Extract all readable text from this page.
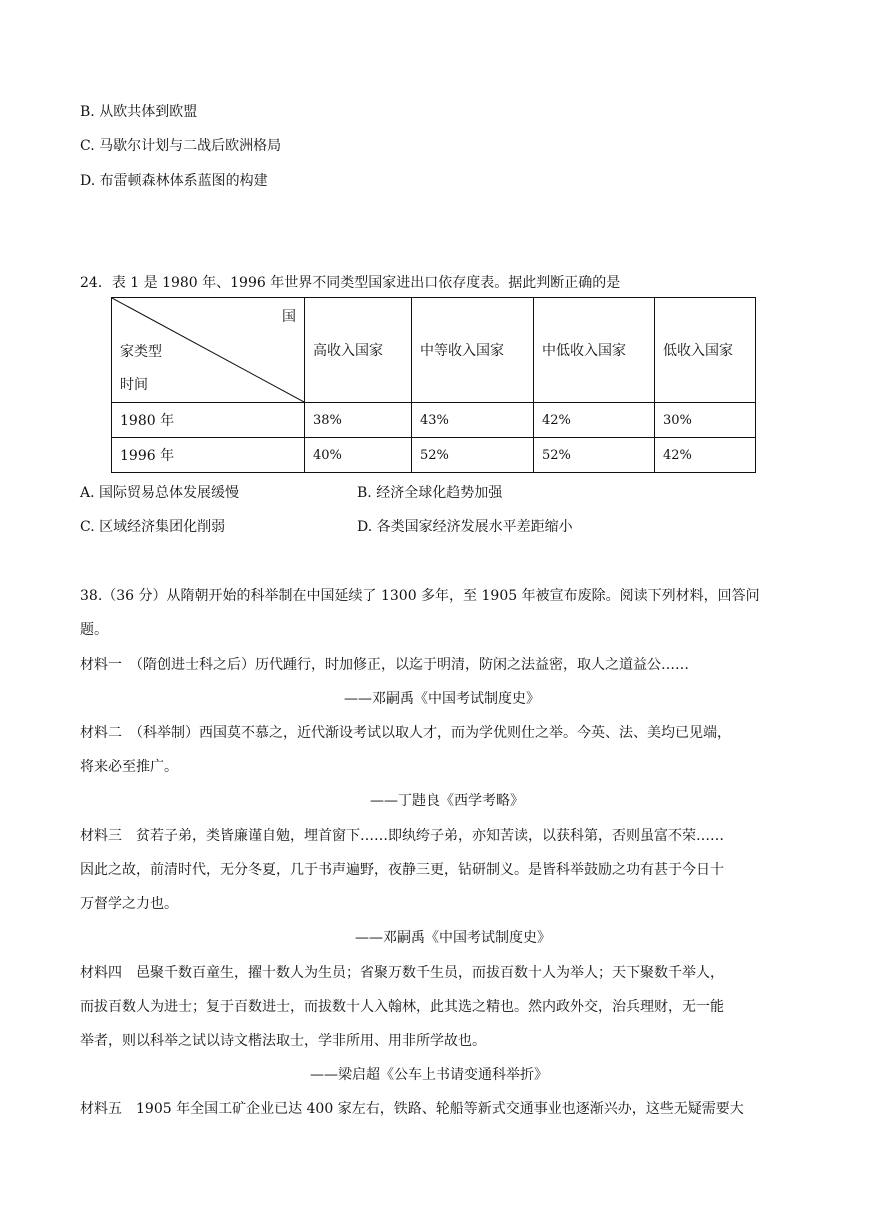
B. 从欧共体到欧盟
C. 马歇尔计划与二战后欧洲格局
D. 布雷顿森林体系蓝图的构建
24．表 1 是 1980 年、1996 年世界不同类型国家进出口依存度表。据此判断正确的是
国
家类型
时间	高收入国家	中等收入国家	中低收入国家	低收入国家
1980 年	38%	43%	42%	30%
1996 年	40%	52%	52%	42%
A. 国际贸易总体发展缓慢	B. 经济全球化趋势加强
C. 区域经济集团化削弱	D. 各类国家经济发展水平差距缩小
38.（36 分）从隋朝开始的科举制在中国延续了 1300 多年，至 1905 年被宣布废除。阅读下列材料，回答问
题。
材料一　（隋创进士科之后）历代踵行，时加修正，以迄于明清，防闲之法益密，取人之道益公……
——邓嗣禹《中国考试制度史》
材料二　（科举制）西国莫不慕之，近代渐设考试以取人才，而为学优则仕之举。今英、法、美均已见端，
将来必至推广。
——丁韪良《西学考略》
材料三　贫若子弟，类皆廉谨自勉，埋首窗下……即纨绔子弟，亦知苦读，以获科第，否则虽富不荣……
因此之故，前清时代，无分冬夏，几于书声遍野，夜静三更，钻研制义。是皆科举鼓励之功有甚于今日十
万督学之力也。
——邓嗣禹《中国考试制度史》
材料四　邑聚千数百童生，擢十数人为生员；省聚万数千生员，而拔百数十人为举人；天下聚数千举人，
而拔百数人为进士；复于百数进士，而拔数十人入翰林，此其选之精也。然内政外交，治兵理财，无一能
举者，则以科举之试以诗文楷法取士，学非所用、用非所学故也。
——梁启超《公车上书请变通科举折》
材料五　1905 年全国工矿企业已达 400 家左右，铁路、轮船等新式交通事业也逐渐兴办，这些无疑需要大
